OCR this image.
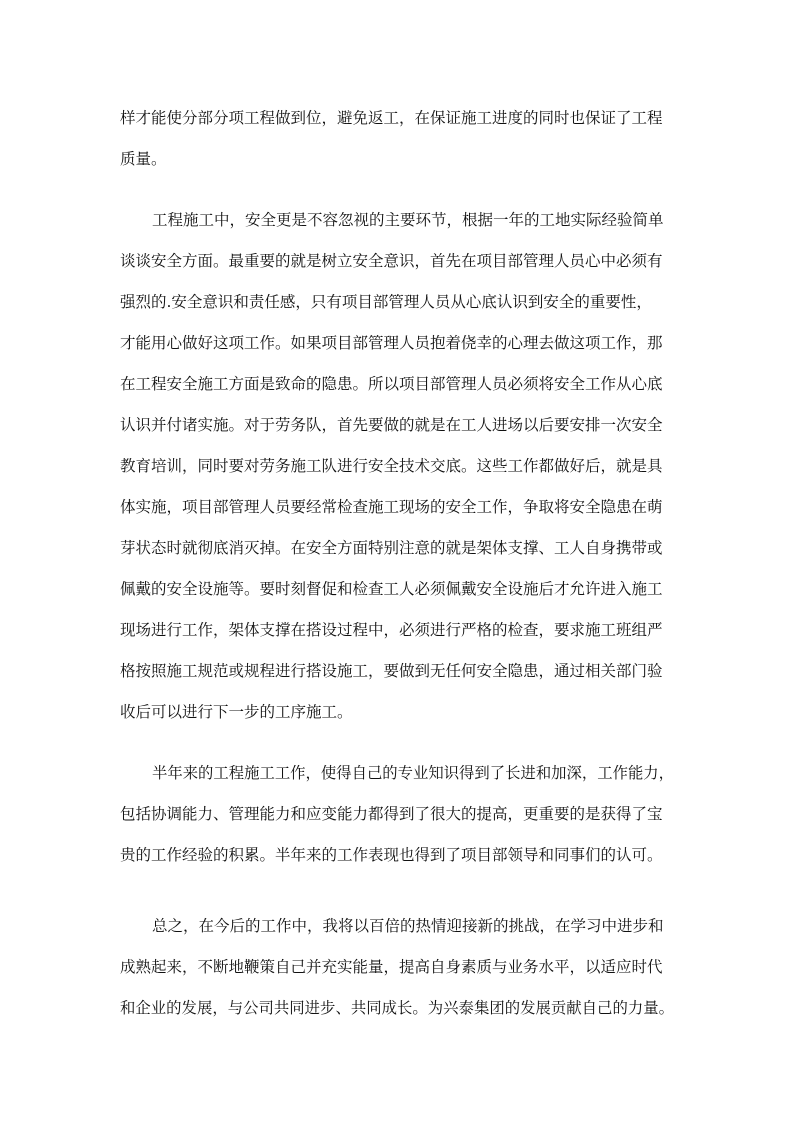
样才能使分部分项工程做到位，避免返工，在保证施工进度的同时也保证了工程
质量。
工程施工中，安全更是不容忽视的主要环节，根据一年的工地实际经验简单
谈谈安全方面。最重要的就是树立安全意识，首先在项目部管理人员心中必须有
强烈的.安全意识和责任感，只有项目部管理人员从心底认识到安全的重要性，
才能用心做好这项工作。如果项目部管理人员抱着侥幸的心理去做这项工作，那
在工程安全施工方面是致命的隐患。所以项目部管理人员必须将安全工作从心底
认识并付诸实施。对于劳务队，首先要做的就是在工人进场以后要安排一次安全
教育培训，同时要对劳务施工队进行安全技术交底。这些工作都做好后，就是具
体实施，项目部管理人员要经常检查施工现场的安全工作，争取将安全隐患在萌
芽状态时就彻底消灭掉。在安全方面特别注意的就是架体支撑、工人自身携带或
佩戴的安全设施等。要时刻督促和检查工人必须佩戴安全设施后才允许进入施工
现场进行工作，架体支撑在搭设过程中，必须进行严格的检查，要求施工班组严
格按照施工规范或规程进行搭设施工，要做到无任何安全隐患，通过相关部门验
收后可以进行下一步的工序施工。
半年来的工程施工工作，使得自己的专业知识得到了长进和加深，工作能力，
包括协调能力、管理能力和应变能力都得到了很大的提高，更重要的是获得了宝
贵的工作经验的积累。半年来的工作表现也得到了项目部领导和同事们的认可。
总之，在今后的工作中，我将以百倍的热情迎接新的挑战，在学习中进步和
成熟起来，不断地鞭策自己并充实能量，提高自身素质与业务水平，以适应时代
和企业的发展，与公司共同进步、共同成长。为兴泰集团的发展贡献自己的力量。
